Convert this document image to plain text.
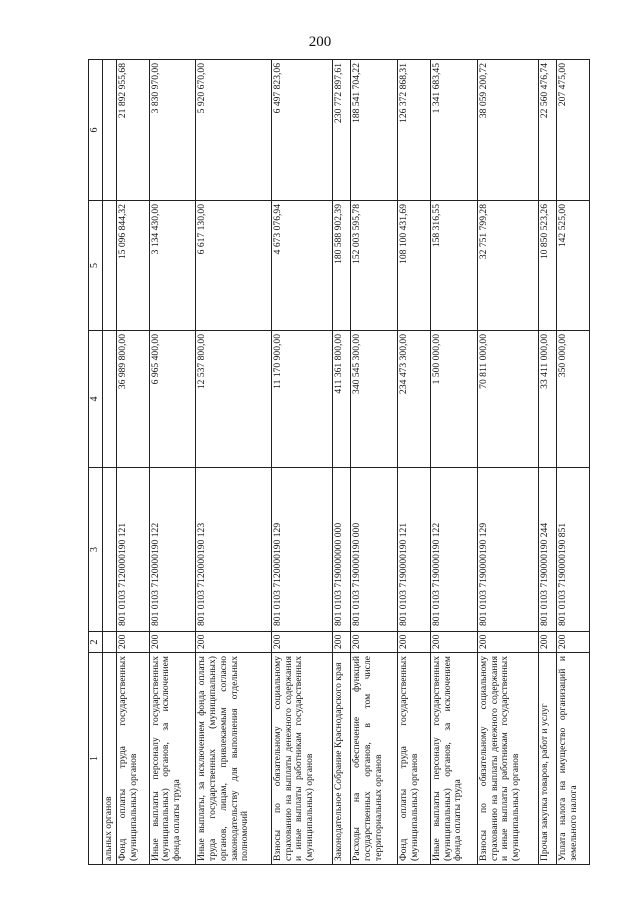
200
1	2	3	4	5	6
альных органов					
Фонд оплаты труда государственных (муниципальных) органов	200	801 0103 7120000190 121	36 989 800,00	15 096 844,32	21 892 955,68
Иные выплаты персоналу государственных (муниципальных) органов, за исключением фонда оплаты труда	200	801 0103 7120000190 122	6 965 400,00	3 134 430,00	3 830 970,00
Иные выплаты, за исключением фонда оплаты труда государственных (муниципальных) органов, лицам, привлекаемым согласно законодательству для выполнения отдельных полномочий	200	801 0103 7120000190 123	12 537 800,00	6 617 130,00	5 920 670,00
Взносы по обязательному социальному страхованию на выплаты денежного содержания и иные выплаты работникам государственных (муниципальных) органов	200	801 0103 7120000190 129	11 170 900,00	4 673 076,94	6 497 823,06
Законодательное Собрание Краснодарского края	200	801 0103 7190000000 000	411 361 800,00	180 588 902,39	230 772 897,61
Расходы на обеспечение функций государственных органов, в том числе территориальных органов	200	801 0103 7190000190 000	340 545 300,00	152 003 595,78	188 541 704,22
Фонд оплаты труда государственных (муниципальных) органов	200	801 0103 7190000190 121	234 473 300,00	108 100 431,69	126 372 868,31
Иные выплаты персоналу государственных (муниципальных) органов, за исключением фонда оплаты труда	200	801 0103 7190000190 122	1 500 000,00	158 316,55	1 341 683,45
Взносы по обязательному социальному страхованию на выплаты денежного содержания и иные выплаты работникам государственных (муниципальных) органов	200	801 0103 7190000190 129	70 811 000,00	32 751 799,28	38 059 200,72
Прочая закупка товаров, работ и услуг	200	801 0103 7190000190 244	33 411 000,00	10 850 523,26	22 560 476,74
Уплата налога на имущество организаций и земельного налога	200	801 0103 7190000190 851	350 000,00	142 525,00	207 475,00
